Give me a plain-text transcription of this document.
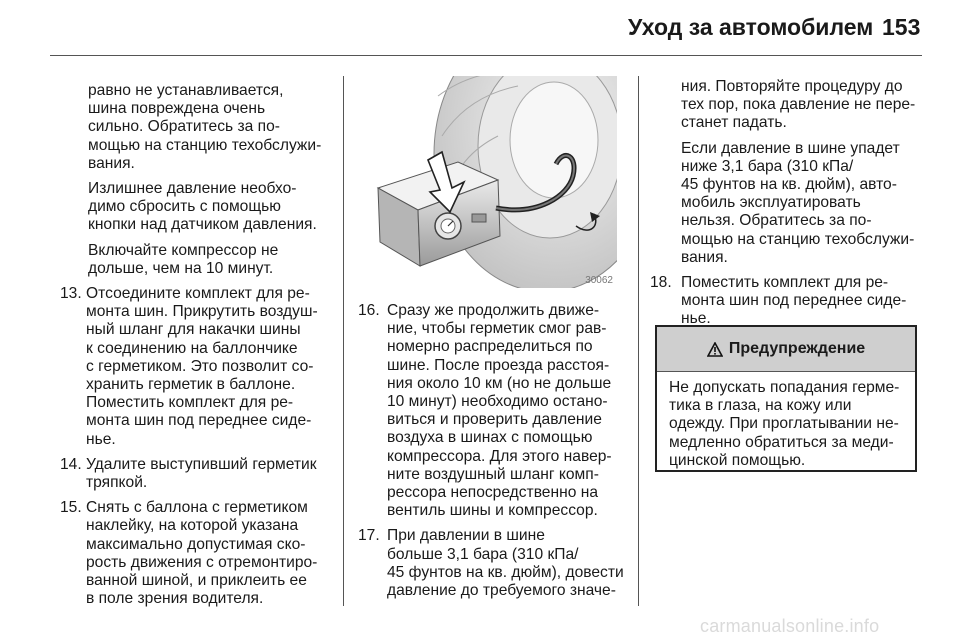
Уход за автомобилем 153

равно не устанавливается,
шина повреждена очень
сильно. Обратитесь за по-
мощью на станцию техобслужи-
вания.

Излишнее давление необхо-
димо сбросить с помощью
кнопки над датчиком давления.

Включайте компрессор не
дольше, чем на 10 минут.

13. Отсоедините комплект для ре-
монта шин. Прикрутить воздуш-
ный шланг для накачки шины
к соединению на баллончике
с герметиком. Это позволит со-
хранить герметик в баллоне.
Поместить комплект для ре-
монта шин под переднее сиде-
нье.
14. Удалите выступивший герметик
тряпкой.
15. Снять с баллона с герметиком
наклейку, на которой указана
максимально допустимая ско-
рость движения с отремонтиро-
ванной шиной, и приклеить ее
в поле зрения водителя.
30062
16. Сразу же продолжить движе-
ние, чтобы герметик смог рав-
номерно распределиться по
шине. После проезда расстоя-
ния около 10 км (но не дольше
10 минут) необходимо остано-
виться и проверить давление
воздуха в шинах с помощью
компрессора. Для этого навер-
ните воздушный шланг комп-
рессора непосредственно на
вентиль шины и компрессор.
17. При давлении в шине
больше 3,1 бара (310 кПа/
45 фунтов на кв. дюйм), довести
давление до требуемого значе-

ния. Повторяйте процедуру до
тех пор, пока давление не пере-
станет падать.

Если давление в шине упадет
ниже 3,1 бара (310 кПа/
45 фунтов на кв. дюйм), авто-
мобиль эксплуатировать
нельзя. Обратитесь за по-
мощью на станцию техобслужи-
вания.

18. Поместить комплект для ре-
монта шин под переднее сиде-
нье.
Предупреждение
Не допускать попадания герме-
тика в глаза, на кожу или
одежду. При проглатывании не-
медленно обратиться за меди-
цинской помощью.
carmanualsonline.info
